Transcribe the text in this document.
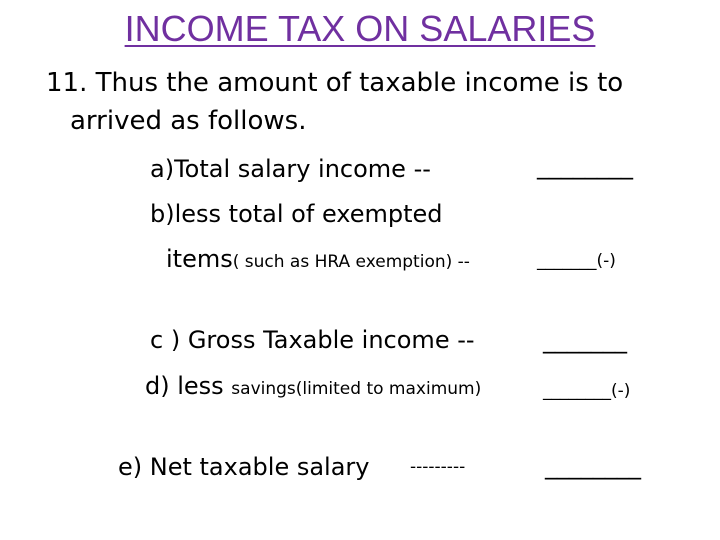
INCOME TAX ON SALARIES
11. Thus the amount of taxable income is to
arrived as follows.
a)Total salary income --	________
b)less total of exempted
items( such as HRA exemption) --	_______(-)
c ) Gross Taxable income --	_______
d) less savings(limited to maximum)	________(-)
e) Net taxable salary ---------	________
